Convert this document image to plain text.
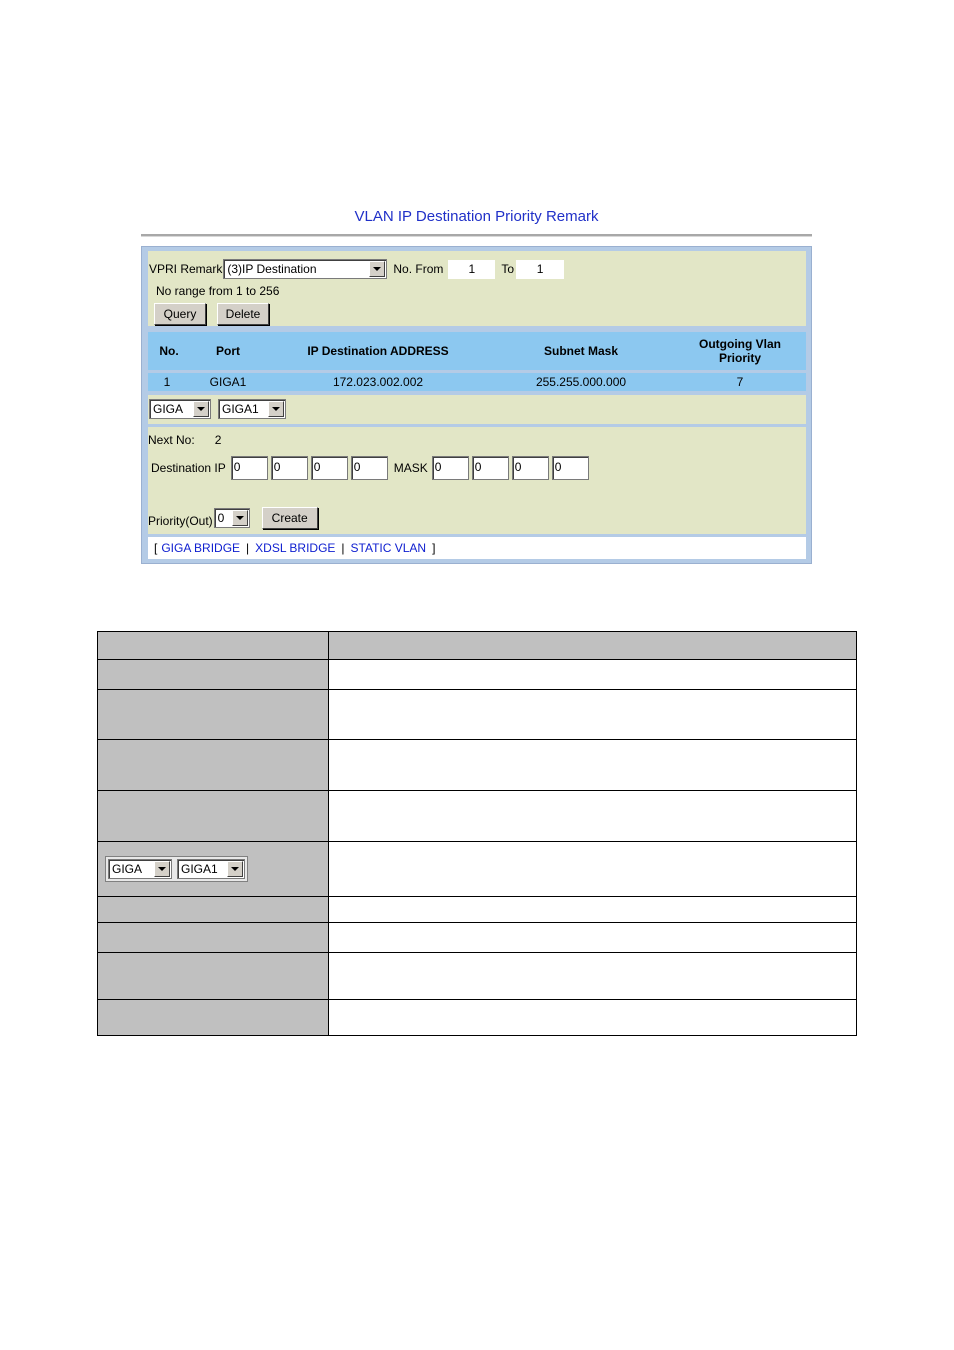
VLAN IP Destination Priority Remark
VPRI Remark (3)IP Destination	No. From	1	To	1
No range from 1 to 256
Query	Delete
No.	Port	IP Destination ADDRESS	Subnet Mask	Outgoing Vlan Priority
1	GIGA1	172.023.002.002	255.255.000.000	7
GIGA	GIGA1
Next No: 2
Destination IP 0	0	0	0	MASK 0	0	0	0
Priority(Out) 0	Create
[ GIGA BRIDGE | XDSL BRIDGE | STATIC VLAN ]

GIGA GIGA1	
